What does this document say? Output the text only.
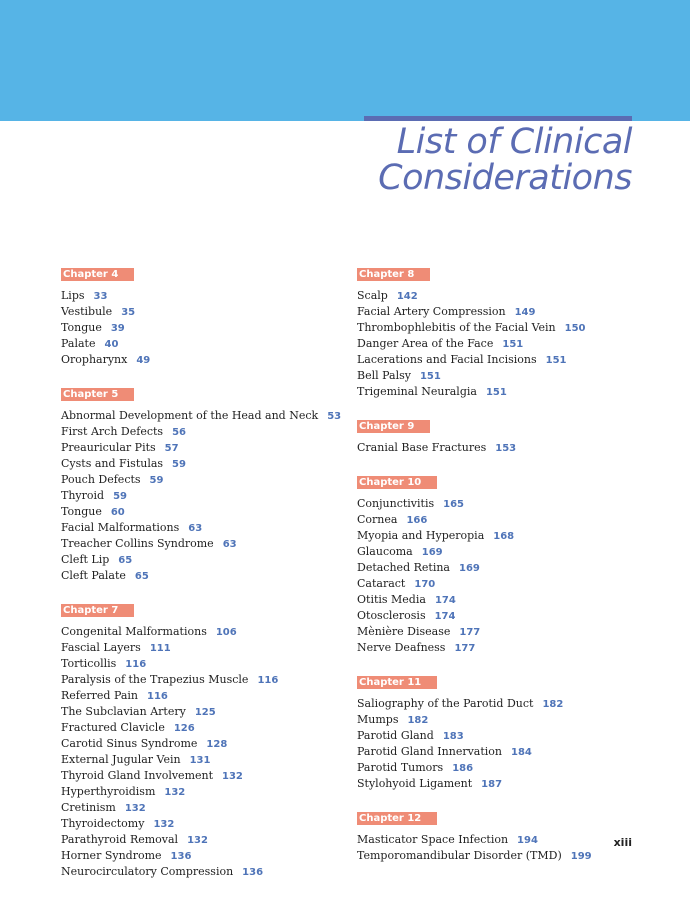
List of Clinical
Considerations
Chapter 4
Lips 33
Vestibule 35
Tongue 39
Palate 40
Oropharynx 49
Chapter 5
Abnormal Development of the Head and Neck 53
First Arch Defects 56
Preauricular Pits 57
Cysts and Fistulas 59
Pouch Defects 59
Thyroid 59
Tongue 60
Facial Malformations 63
Treacher Collins Syndrome 63
Cleft Lip 65
Cleft Palate 65
Chapter 7
Congenital Malformations 106
Fascial Layers 111
Torticollis 116
Paralysis of the Trapezius Muscle 116
Referred Pain 116
The Subclavian Artery 125
Fractured Clavicle 126
Carotid Sinus Syndrome 128
External Jugular Vein 131
Thyroid Gland Involvement 132
Hyperthyroidism 132
Cretinism 132
Thyroidectomy 132
Parathyroid Removal 132
Horner Syndrome 136
Neurocirculatory Compression 136
Chapter 8
Scalp 142
Facial Artery Compression 149
Thrombophlebitis of the Facial Vein 150
Danger Area of the Face 151
Lacerations and Facial Incisions 151
Bell Palsy 151
Trigeminal Neuralgia 151
Chapter 9
Cranial Base Fractures 153
Chapter 10
Conjunctivitis 165
Cornea 166
Myopia and Hyperopia 168
Glaucoma 169
Detached Retina 169
Cataract 170
Otitis Media 174
Otosclerosis 174
Mènière Disease 177
Nerve Deafness 177
Chapter 11
Saliography of the Parotid Duct 182
Mumps 182
Parotid Gland 183
Parotid Gland Innervation 184
Parotid Tumors 186
Stylohyoid Ligament 187
Chapter 12
Masticator Space Infection 194
Temporomandibular Disorder (TMD) 199
xiii
